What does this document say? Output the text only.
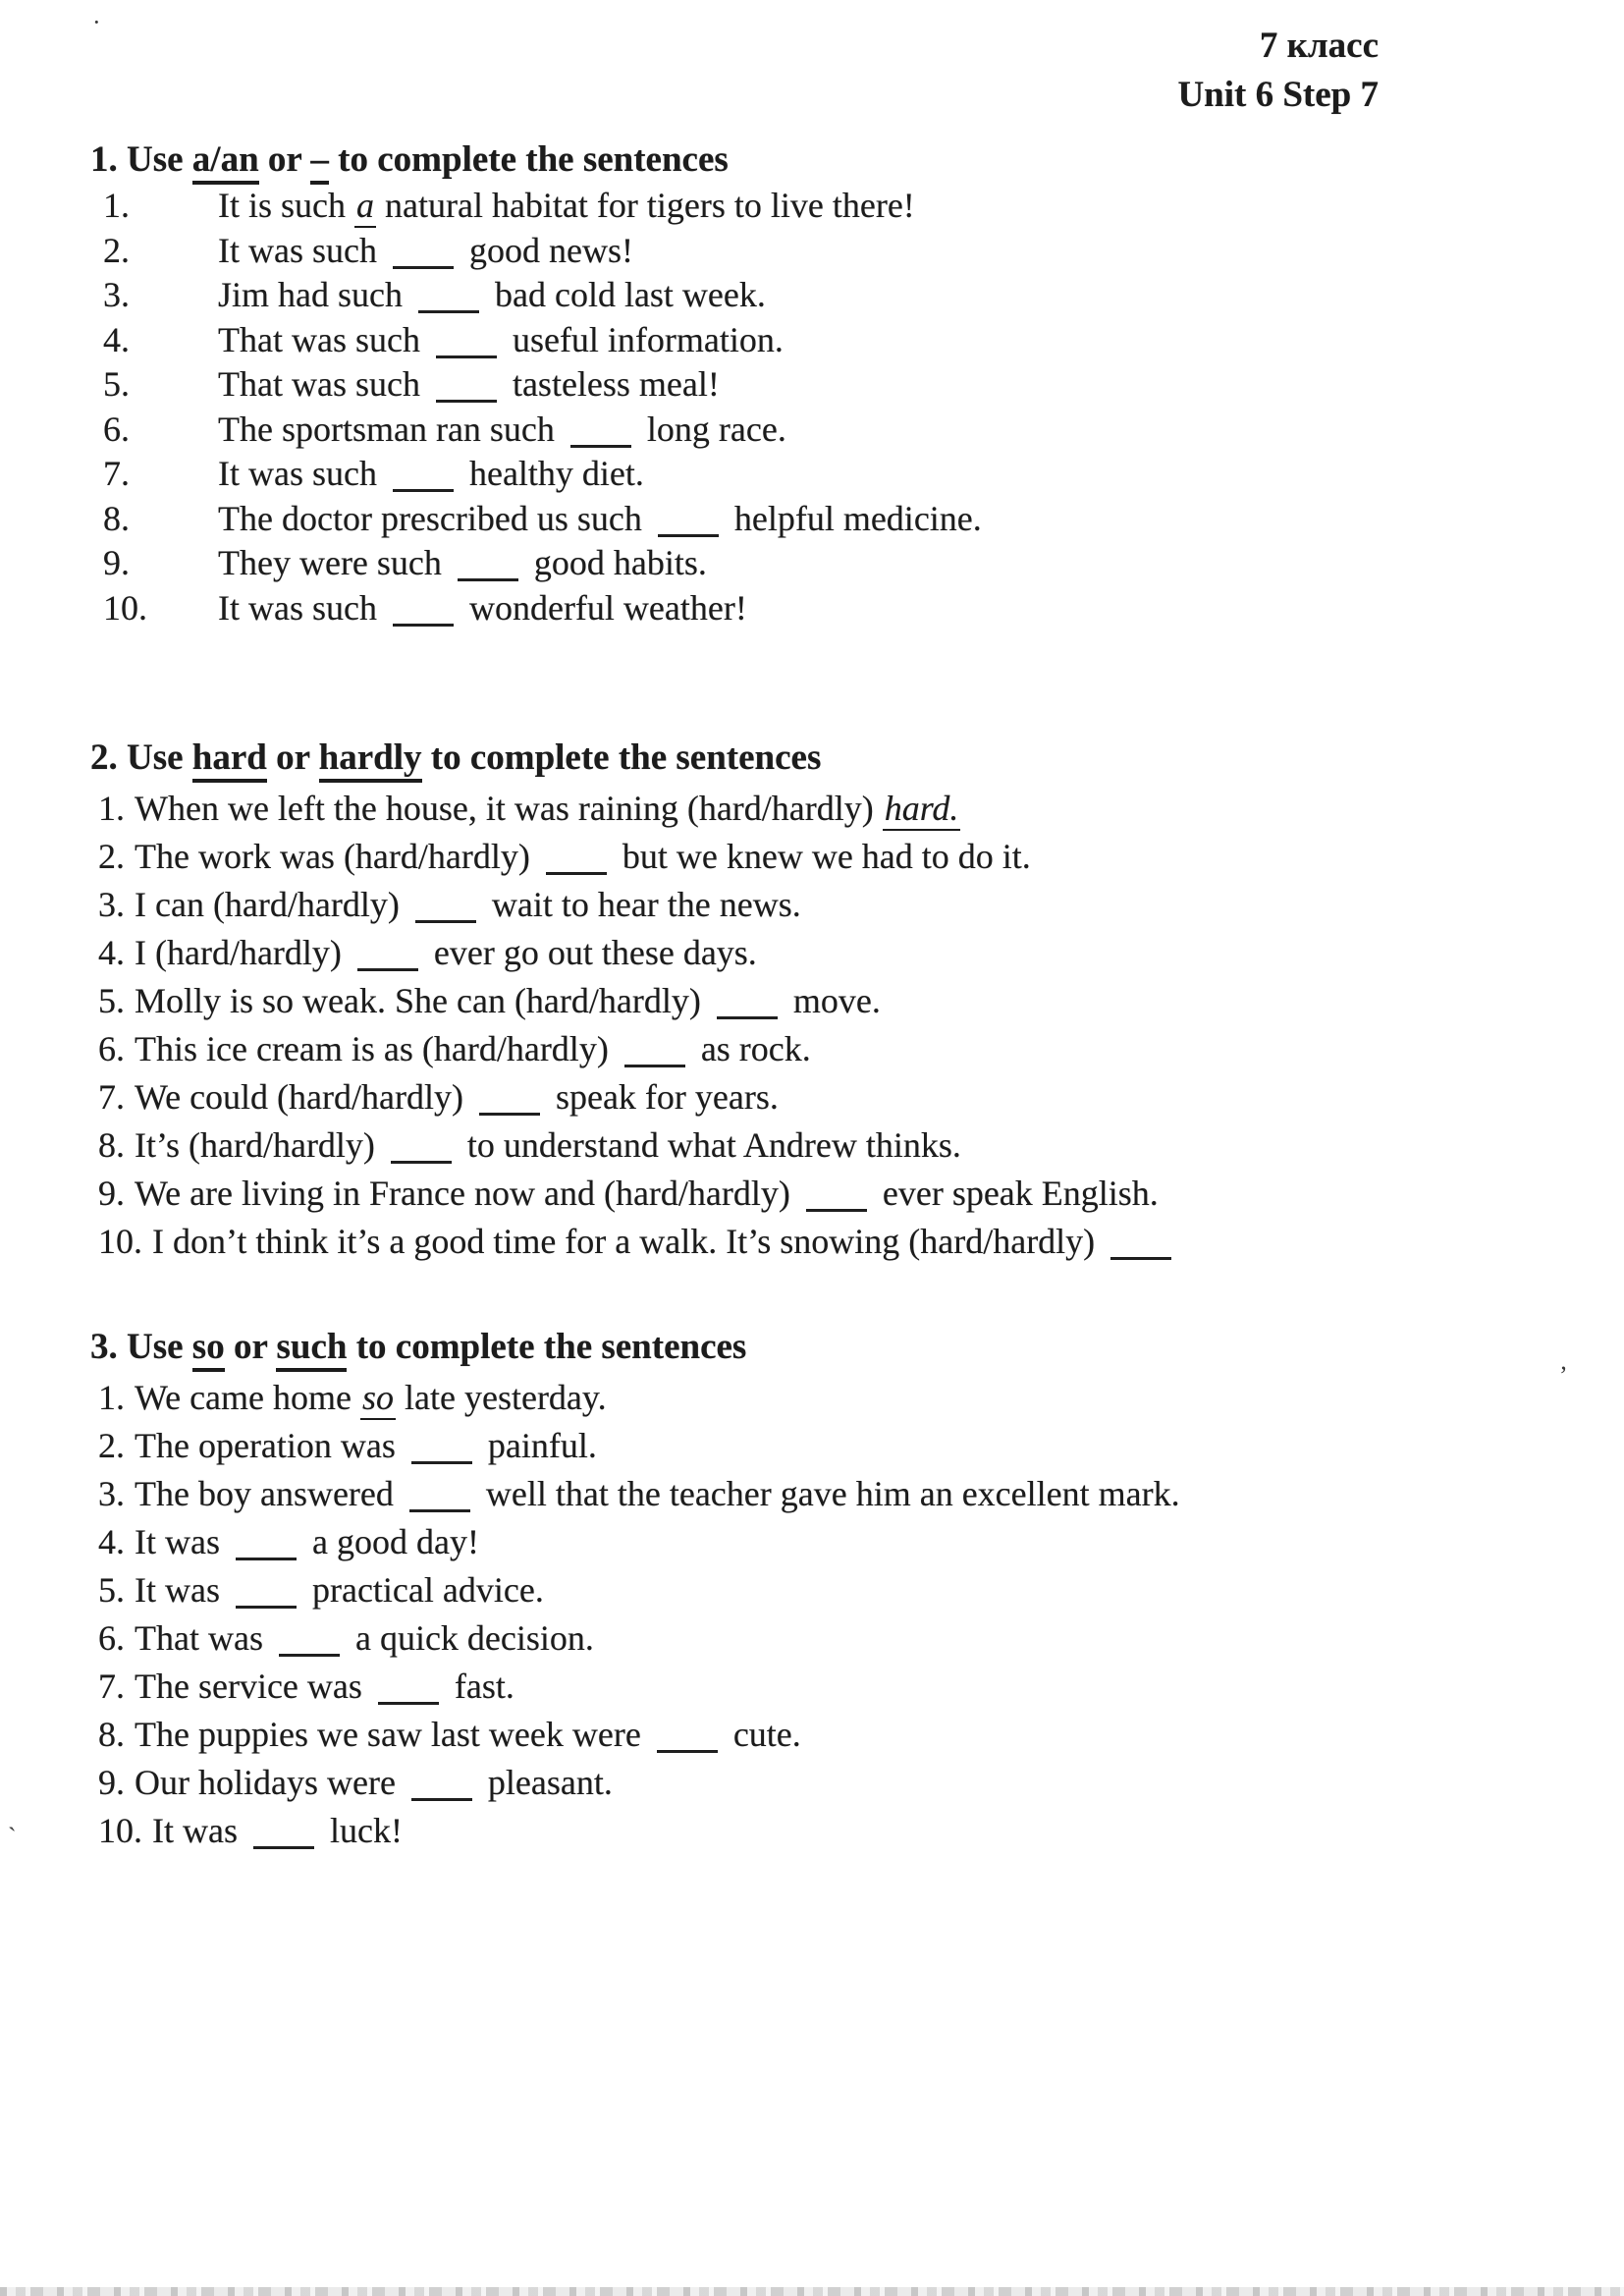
·
’
`
7 класс
Unit 6 Step 7
1. Use a/an or – to complete the sentences
1.	It is such a natural habitat for tigers to live there!
2.	It was such  good news!
3.	Jim had such  bad cold last week.
4.	That was such  useful information.
5.	That was such  tasteless meal!
6.	The sportsman ran such  long race.
7.	It was such  healthy diet.
8.	The doctor prescribed us such  helpful medicine.
9.	They were such  good habits.
10. It was such  wonderful weather!
2. Use hard or hardly to complete the sentences
1. When we left the house, it was raining (hard/hardly) hard.
2. The work was (hard/hardly)  but we knew we had to do it.
3. I can (hard/hardly)  wait to hear the news.
4. I (hard/hardly)  ever go out these days.
5. Molly is so weak. She can (hard/hardly)  move.
6. This ice cream is as (hard/hardly)  as rock.
7. We could (hard/hardly)  speak for years.
8. It’s (hard/hardly)  to understand what Andrew thinks.
9. We are living in France now and (hard/hardly)  ever speak English.
10. I don’t think it’s a good time for a walk. It’s snowing (hard/hardly)
3. Use so or such to complete the sentences
1. We came home so late yesterday.
2. The operation was  painful.
3. The boy answered  well that the teacher gave him an excellent mark.
4. It was  a good day!
5. It was  practical advice.
6. That was  a quick decision.
7. The service was  fast.
8. The puppies we saw last week were  cute.
9. Our holidays were  pleasant.
10. It was  luck!
